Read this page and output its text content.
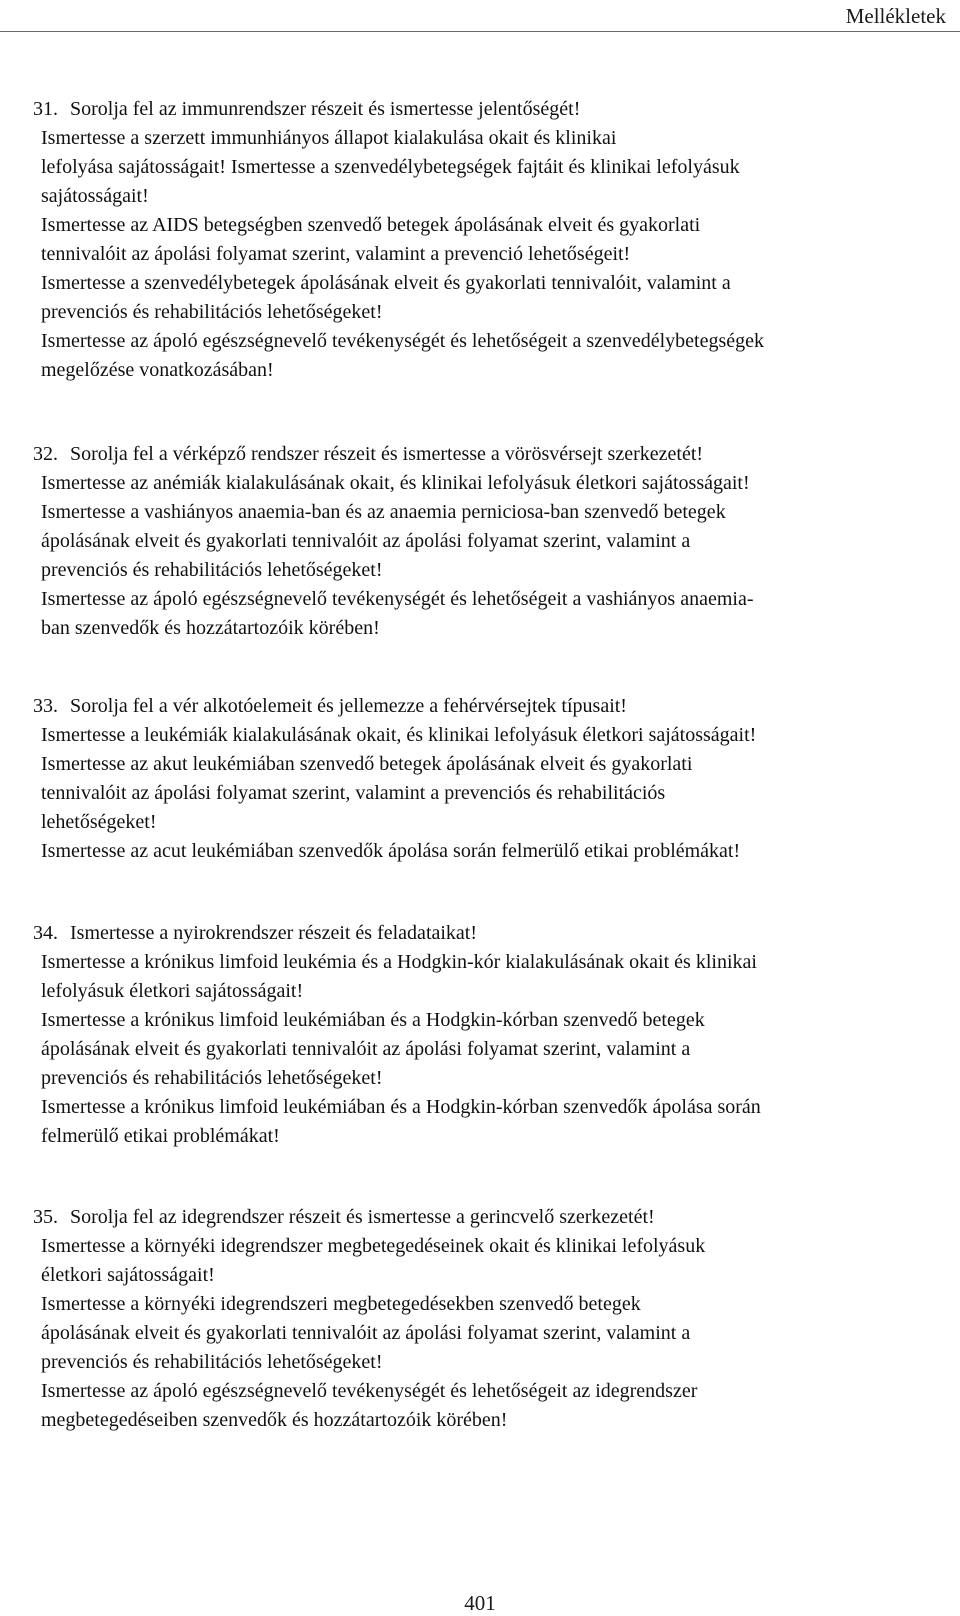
Mellékletek
31. Sorolja fel az immunrendszer részeit és ismertesse jelentőségét!
Ismertesse a szerzett immunhiányos állapot kialakulása okait és klinikai
lefolyása sajátosságait! Ismertesse a szenvedélybetegségek fajtáit és klinikai lefolyásuk
sajátosságait!
Ismertesse az AIDS betegségben szenvedő betegek ápolásának elveit és gyakorlati
tennivalóit az ápolási folyamat szerint, valamint a prevenció lehetőségeit!
Ismertesse a szenvedélybetegek ápolásának elveit és gyakorlati tennivalóit, valamint a
prevenciós és rehabilitációs lehetőségeket!
Ismertesse az ápoló egészségnevelő tevékenységét és lehetőségeit a szenvedélybetegségek
megelőzése vonatkozásában!
32. Sorolja fel a vérképző rendszer részeit és ismertesse a vörösvérsejt szerkezetét!
Ismertesse az anémiák kialakulásának okait, és klinikai lefolyásuk életkori sajátosságait!
Ismertesse a vashiányos anaemia-ban és az anaemia perniciosa-ban szenvedő betegek
ápolásának elveit és gyakorlati tennivalóit az ápolási folyamat szerint, valamint a
prevenciós és rehabilitációs lehetőségeket!
Ismertesse az ápoló egészségnevelő tevékenységét és lehetőségeit a vashiányos anaemia-
ban szenvedők és hozzátartozóik körében!
33. Sorolja fel a vér alkotóelemeit és jellemezze a fehérvérsejtek típusait!
Ismertesse a leukémiák kialakulásának okait, és klinikai lefolyásuk életkori sajátosságait!
Ismertesse az akut leukémiában szenvedő betegek ápolásának elveit és gyakorlati
tennivalóit az ápolási folyamat szerint, valamint a prevenciós és rehabilitációs
lehetőségeket!
Ismertesse az acut leukémiában szenvedők ápolása során felmerülő etikai problémákat!
34. Ismertesse a nyirokrendszer részeit és feladataikat!
Ismertesse a krónikus limfoid leukémia és a Hodgkin-kór kialakulásának okait és klinikai
lefolyásuk életkori sajátosságait!
Ismertesse a krónikus limfoid leukémiában és a Hodgkin-kórban szenvedő betegek
ápolásának elveit és gyakorlati tennivalóit az ápolási folyamat szerint, valamint a
prevenciós és rehabilitációs lehetőségeket!
Ismertesse a krónikus limfoid leukémiában és a Hodgkin-kórban szenvedők ápolása során
felmerülő etikai problémákat!
35. Sorolja fel az idegrendszer részeit és ismertesse a gerincvelő szerkezetét!
Ismertesse a környéki idegrendszer megbetegedéseinek okait és klinikai lefolyásuk
életkori sajátosságait!
Ismertesse a környéki idegrendszeri megbetegedésekben szenvedő betegek
ápolásának elveit és gyakorlati tennivalóit az ápolási folyamat szerint, valamint a
prevenciós és rehabilitációs lehetőségeket!
Ismertesse az ápoló egészségnevelő tevékenységét és lehetőségeit az idegrendszer
megbetegedéseiben szenvedők és hozzátartozóik körében!
401
